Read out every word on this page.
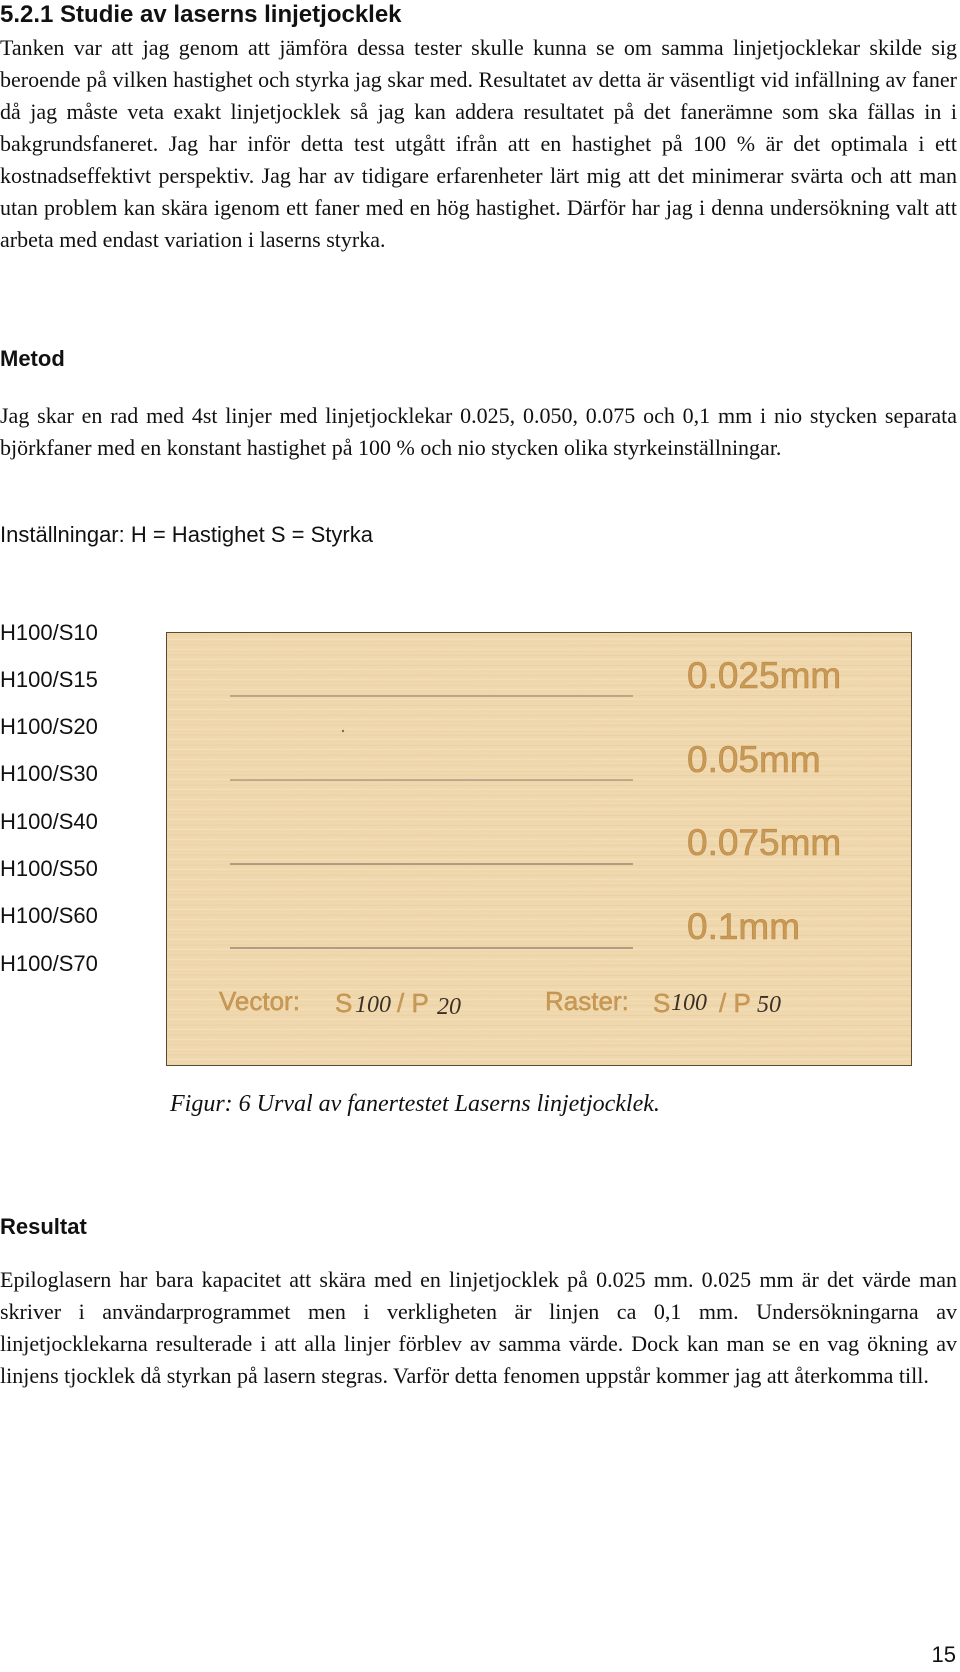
5.2.1 Studie av laserns linjetjocklek

Tanken var att jag genom att jämföra dessa tester skulle kunna se om samma linjetjocklekar skilde sig beroende på vilken hastighet och styrka jag skar med. Resultatet av detta är väsentligt vid infällning av faner då jag måste veta exakt linjetjocklek så jag kan addera resultatet på det fanerämne som ska fällas in i bakgrundsfaneret. Jag har inför detta test utgått ifrån att en hastighet på 100 % är det optimala i ett kostnadseffektivt perspektiv. Jag har av tidigare erfarenheter lärt mig att det minimerar svärta och att man utan problem kan skära igenom ett faner med en hög hastighet. Därför har jag i denna undersökning valt att arbeta med endast variation i laserns styrka.

Metod

Jag skar en rad med 4st linjer med linjetjocklekar 0.025, 0.050, 0.075 och 0,1 mm i nio stycken separata björkfaner med en konstant hastighet på 100 % och nio stycken olika styrkeinställningar.

Inställningar: H = Hastighet S = Styrka
H100/S10
H100/S15
H100/S20
H100/S30
H100/S40
H100/S50
H100/S60
H100/S70
0.025mm
0.05mm
0.075mm
0.1mm
Vector: S / P	Raster: S / P
100 20	100 50
Figur: 6 Urval av fanertestet Laserns linjetjocklek.
Resultat

Epiloglasern har bara kapacitet att skära med en linjetjocklek på 0.025 mm. 0.025 mm är det värde man skriver i användarprogrammet men i verkligheten är linjen ca 0,1 mm. Undersökningarna av linjetjocklekarna resulterade i att alla linjer förblev av samma värde. Dock kan man se en vag ökning av linjens tjocklek då styrkan på lasern stegras. Varför detta fenomen uppstår kommer jag att återkomma till.

15
